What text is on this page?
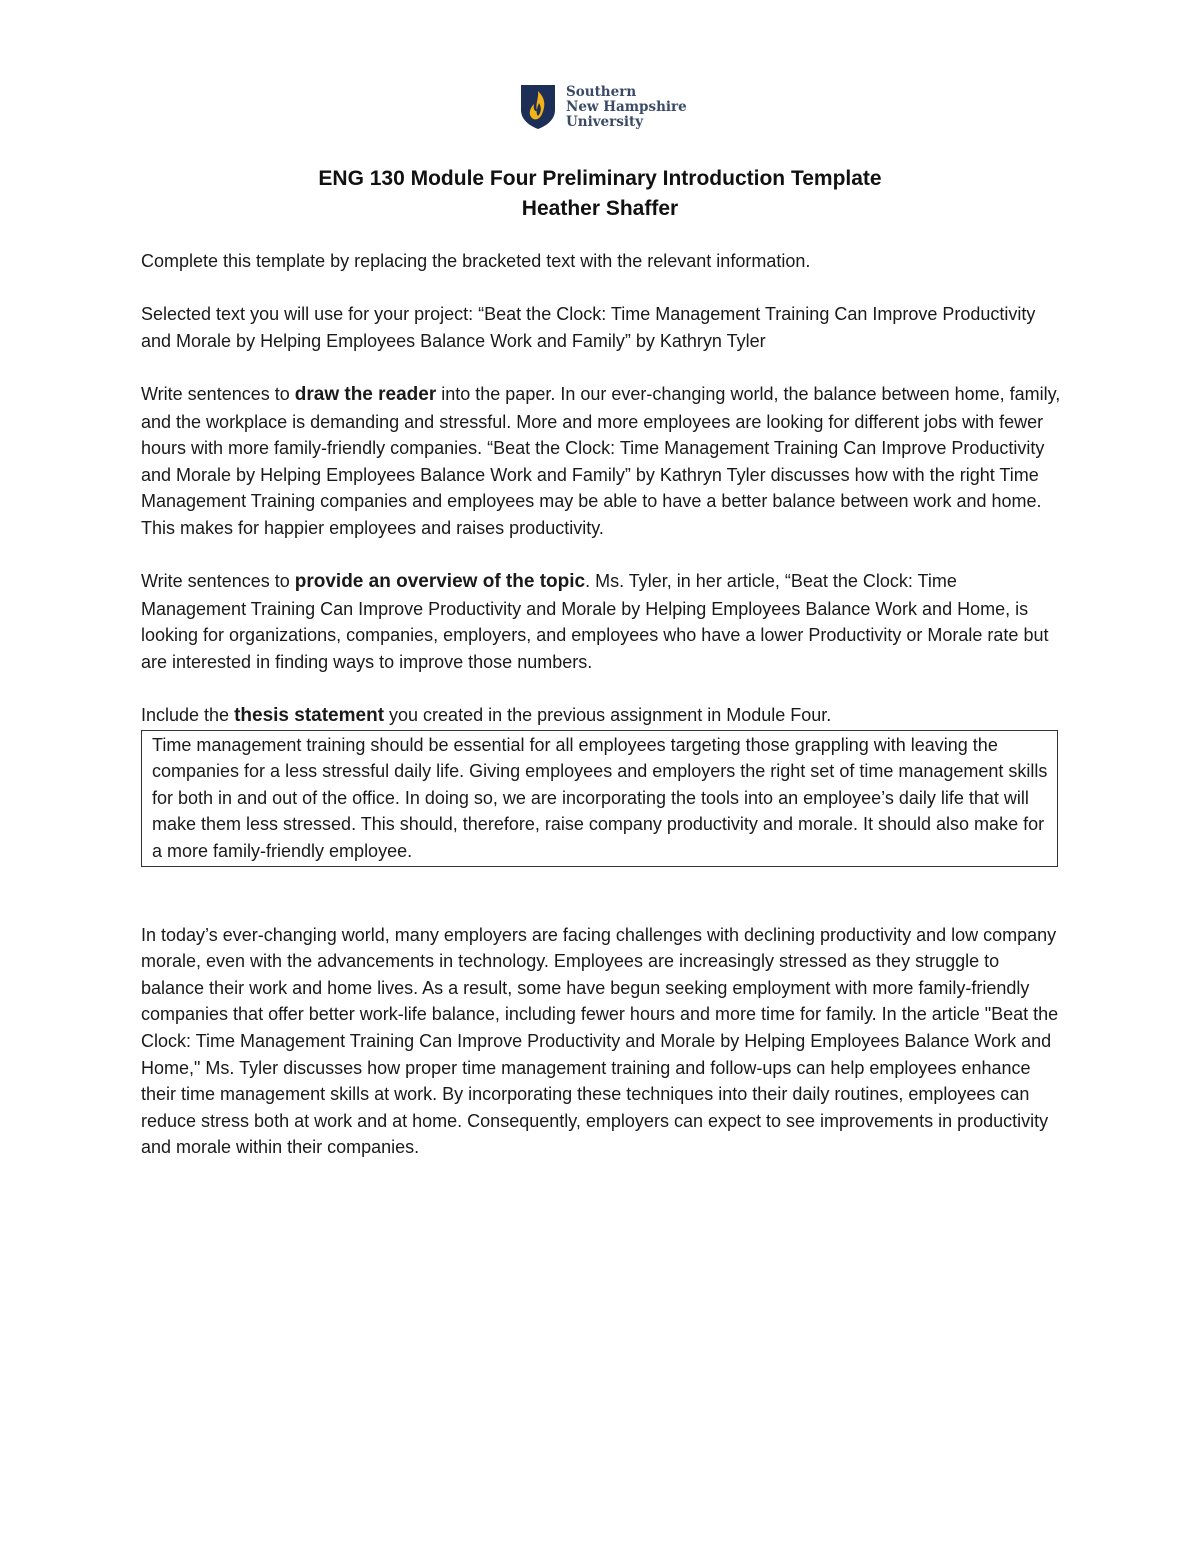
Southern
New Hampshire
University
ENG 130 Module Four Preliminary Introduction Template
Heather Shaffer

Complete this template by replacing the bracketed text with the relevant information.

Selected text you will use for your project: “Beat the Clock: Time Management Training Can Improve Productivity and Morale by Helping Employees Balance Work and Family” by Kathryn Tyler

Write sentences to draw the reader into the paper. In our ever-changing world, the balance between home, family, and the workplace is demanding and stressful. More and more employees are looking for different jobs with fewer hours with more family-friendly companies. “Beat the Clock: Time Management Training Can Improve Productivity and Morale by Helping Employees Balance Work and Family” by Kathryn Tyler discusses how with the right Time Management Training companies and employees may be able to have a better balance between work and home. This makes for happier employees and raises productivity.

Write sentences to provide an overview of the topic. Ms. Tyler, in her article, “Beat the Clock: Time Management Training Can Improve Productivity and Morale by Helping Employees Balance Work and Home, is looking for organizations, companies, employers, and employees who have a lower Productivity or Morale rate but are interested in finding ways to improve those numbers.

Include the thesis statement you created in the previous assignment in Module Four.

Time management training should be essential for all employees targeting those grappling with leaving the companies for a less stressful daily life. Giving employees and employers the right set of time management skills for both in and out of the office. In doing so, we are incorporating the tools into an employee’s daily life that will make them less stressed. This should, therefore, raise company productivity and morale. It should also make for a more family-friendly employee.

In today’s ever-changing world, many employers are facing challenges with declining productivity and low company morale, even with the advancements in technology. Employees are increasingly stressed as they struggle to balance their work and home lives. As a result, some have begun seeking employment with more family-friendly companies that offer better work-life balance, including fewer hours and more time for family. In the article "Beat the Clock: Time Management Training Can Improve Productivity and Morale by Helping Employees Balance Work and Home," Ms. Tyler discusses how proper time management training and follow-ups can help employees enhance their time management skills at work. By incorporating these techniques into their daily routines, employees can reduce stress both at work and at home. Consequently, employers can expect to see improvements in productivity and morale within their companies.
